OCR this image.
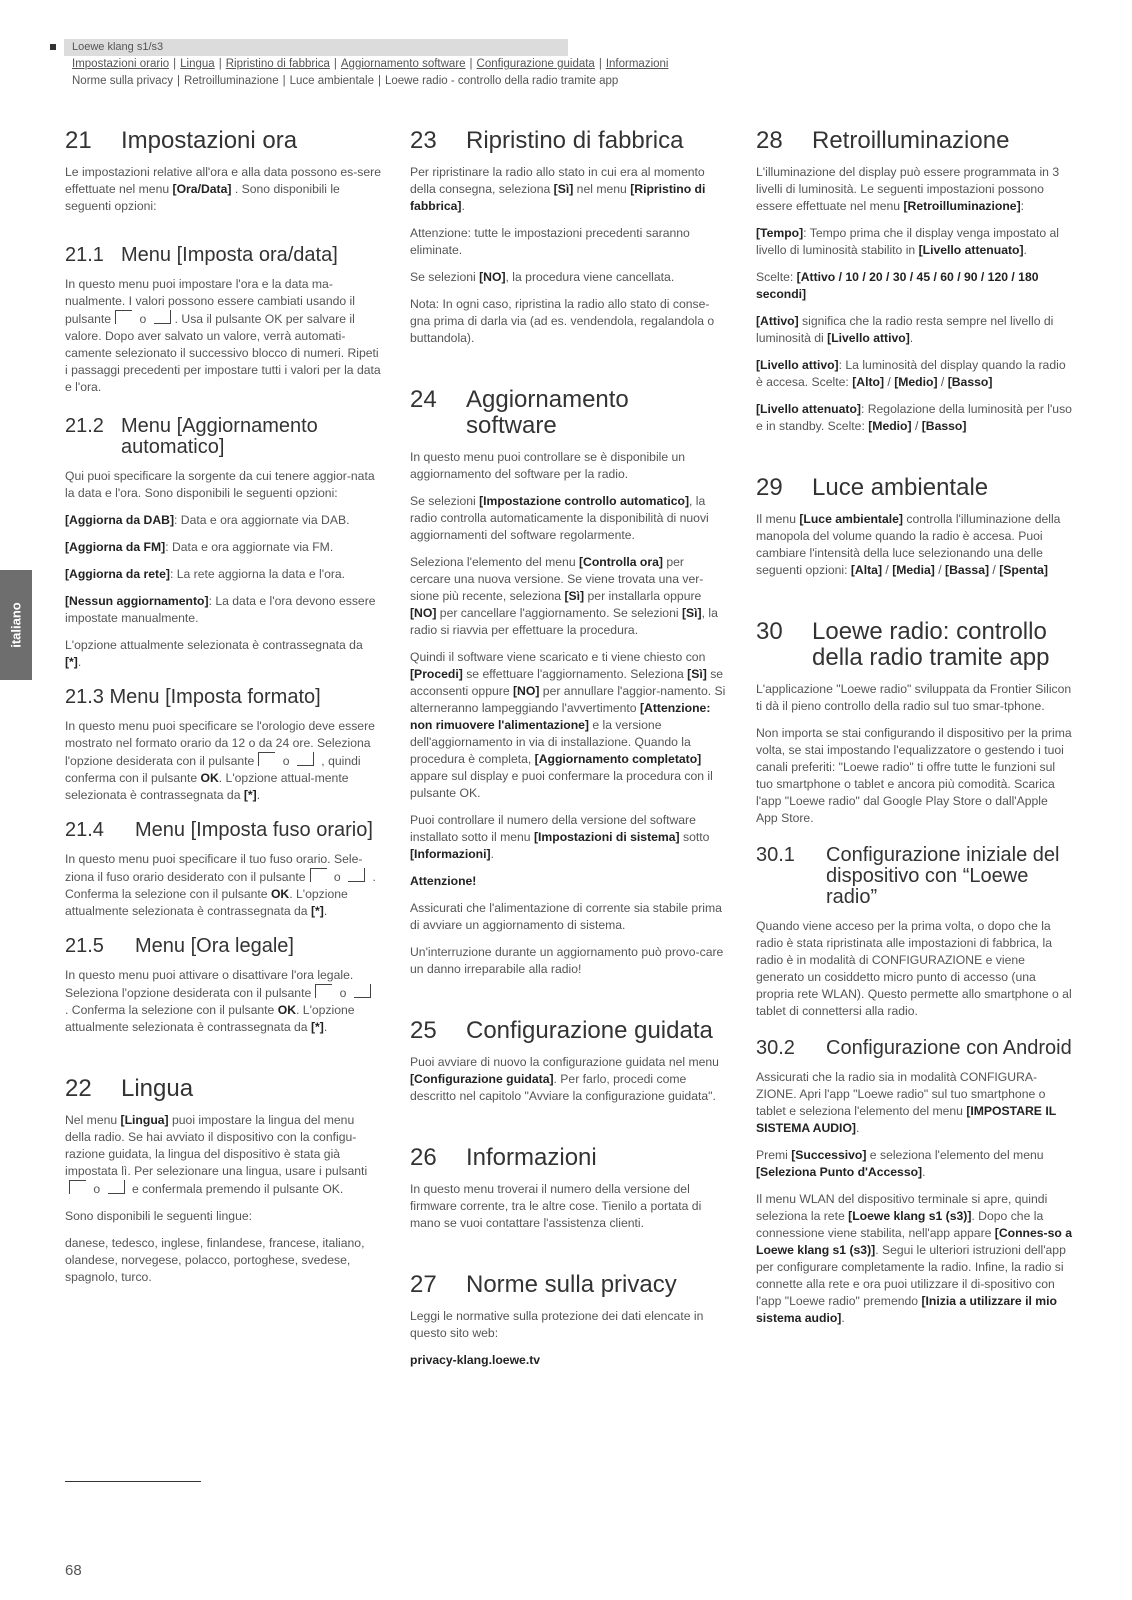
Loewe klang s1/s3
Impostazioni orario | Lingua | Ripristino di fabbrica | Aggiornamento software | Configurazione guidata | Informazioni
Norme sulla privacy | Retroilluminazione | Luce ambientale | Loewe radio - controllo della radio tramite app
italiano
21	Impostazioni ora

Le impostazioni relative all'ora e alla data possono es-sere effettuate nel menu [Ora/Data] . Sono disponibili le seguenti opzioni:

21.1 Menu [Imposta ora/data]

In questo menu puoi impostare l'ora e la data ma-nualmente. I valori possono essere cambiati usando il pulsante o . Usa il pulsante OK per salvare il valore. Dopo aver salvato un valore, verrà automati-camente selezionato il successivo blocco di numeri. Ripeti i passaggi precedenti per impostare tutti i valori per la data e l'ora.

21.2 Menu [Aggiornamento automatico]

Qui puoi specificare la sorgente da cui tenere aggior-nata la data e l'ora. Sono disponibili le seguenti opzioni:

[Aggiorna da DAB]: Data e ora aggiornate via DAB.

[Aggiorna da FM]: Data e ora aggiornate via FM.

[Aggiorna da rete]: La rete aggiorna la data e l'ora.

[Nessun aggiornamento]: La data e l'ora devono essere impostate manualmente.

L'opzione attualmente selezionata è contrassegnata da [*].

21.3 Menu [Imposta formato]

In questo menu puoi specificare se l'orologio deve essere mostrato nel formato orario da 12 o da 24 ore. Seleziona l'opzione desiderata con il pulsante o  , quindi conferma con il pulsante OK. L'opzione attual-mente selezionata è contrassegnata da [*].

21.4	Menu [Imposta fuso orario]

In questo menu puoi specificare il tuo fuso orario. Sele-ziona il fuso orario desiderato con il pulsante o  . Conferma la selezione con il pulsante OK. L'opzione attualmente selezionata è contrassegnata da [*].

21.5	Menu [Ora legale]

In questo menu puoi attivare o disattivare l'ora legale. Seleziona l'opzione desiderata con il pulsante o  . Conferma la selezione con il pulsante OK. L'opzione attualmente selezionata è contrassegnata da [*].

22	Lingua

Nel menu [Lingua] puoi impostare la lingua del menu della radio. Se hai avviato il dispositivo con la configu-razione guidata, la lingua del dispositivo è stata già impostata lì. Per selezionare una lingua, usare i pulsanti o  e confermala premendo il pulsante OK.

Sono disponibili le seguenti lingue:

danese, tedesco, inglese, finlandese, francese, italiano, olandese, norvegese, polacco, portoghese, svedese, spagnolo, turco.

23	Ripristino di fabbrica

Per ripristinare la radio allo stato in cui era al momento della consegna, seleziona [Sì] nel menu [Ripristino di fabbrica].

Attenzione: tutte le impostazioni precedenti saranno eliminate.

Se selezioni [NO], la procedura viene cancellata.

Nota: In ogni caso, ripristina la radio allo stato di conse-gna prima di darla via (ad es. vendendola, regalandola o buttandola).

24	Aggiornamento software

In questo menu puoi controllare se è disponibile un aggiornamento del software per la radio.

Se selezioni [Impostazione controllo automatico], la radio controlla automaticamente la disponibilità di nuovi aggiornamenti del software regolarmente.

Seleziona l'elemento del menu [Controlla ora] per cercare una nuova versione. Se viene trovata una ver-sione più recente, seleziona [Sì] per installarla oppure [NO] per cancellare l'aggiornamento. Se selezioni [Sì], la radio si riavvia per effettuare la procedura.

Quindi il software viene scaricato e ti viene chiesto con [Procedi] se effettuare l'aggiornamento. Seleziona [Sì] se acconsenti oppure [NO] per annullare l'aggior-namento. Si alterneranno lampeggiando l'avvertimento [Attenzione: non rimuovere l'alimentazione] e la versione dell'aggiornamento in via di installazione. Quando la procedura è completa, [Aggiornamento completato] appare sul display e puoi confermare la procedura con il pulsante OK.

Puoi controllare il numero della versione del software installato sotto il menu [Impostazioni di sistema] sotto [Informazioni].

Attenzione!

Assicurati che l'alimentazione di corrente sia stabile prima di avviare un aggiornamento di sistema.

Un'interruzione durante un aggiornamento può provo-care un danno irreparabile alla radio!

25	Configurazione guidata

Puoi avviare di nuovo la configurazione guidata nel menu [Configurazione guidata]. Per farlo, procedi come descritto nel capitolo "Avviare la configurazione guidata".

26	Informazioni

In questo menu troverai il numero della versione del firmware corrente, tra le altre cose. Tienilo a portata di mano se vuoi contattare l'assistenza clienti.

27	Norme sulla privacy

Leggi le normative sulla protezione dei dati elencate in questo sito web:

privacy-klang.loewe.tv

28	Retroilluminazione

L'illuminazione del display può essere programmata in 3 livelli di luminosità. Le seguenti impostazioni possono essere effettuate nel menu [Retroilluminazione]:

[Tempo]: Tempo prima che il display venga impostato al livello di luminosità stabilito in [Livello attenuato].

Scelte: [Attivo / 10 / 20 / 30 / 45 / 60 / 90 / 120 / 180 secondi]

[Attivo] significa che la radio resta sempre nel livello di luminosità di [Livello attivo].

[Livello attivo]: La luminosità del display quando la radio è accesa. Scelte: [Alto] / [Medio] / [Basso]

[Livello attenuato]: Regolazione della luminosità per l'uso e in standby. Scelte: [Medio] / [Basso]

29	Luce ambientale

Il menu [Luce ambientale] controlla l'illuminazione della manopola del volume quando la radio è accesa. Puoi cambiare l'intensità della luce selezionando una delle seguenti opzioni: [Alta] / [Media] / [Bassa] / [Spenta]

30	Loewe radio: controllo della radio tramite app

L'applicazione "Loewe radio" sviluppata da Frontier Silicon ti dà il pieno controllo della radio sul tuo smar-tphone.

Non importa se stai configurando il dispositivo per la prima volta, se stai impostando l'equalizzatore o gestendo i tuoi canali preferiti: "Loewe radio" ti offre tutte le funzioni sul tuo smartphone o tablet e ancora più comodità. Scarica l'app "Loewe radio" dal Google Play Store o dall'Apple App Store.

30.1	Configurazione iniziale del dispositivo con “Loewe radio”

Quando viene acceso per la prima volta, o dopo che la radio è stata ripristinata alle impostazioni di fabbrica, la radio è in modalità di CONFIGURAZIONE e viene generato un cosiddetto micro punto di accesso (una propria rete WLAN). Questo permette allo smartphone o al tablet di connettersi alla radio.

30.2	Configurazione con Android

Assicurati che la radio sia in modalità CONFIGURA-ZIONE. Apri l'app "Loewe radio" sul tuo smartphone o tablet e seleziona l'elemento del menu [IMPOSTARE IL SISTEMA AUDIO].

Premi [Successivo] e seleziona l'elemento del menu [Seleziona Punto d'Accesso].

Il menu WLAN del dispositivo terminale si apre, quindi seleziona la rete [Loewe klang s1 (s3)]. Dopo che la connessione viene stabilita, nell'app appare [Connes-so a Loewe klang s1 (s3)]. Segui le ulteriori istruzioni dell'app per configurare completamente la radio. Infine, la radio si connette alla rete e ora puoi utilizzare il di-spositivo con l'app "Loewe radio" premendo [Inizia a utilizzare il mio sistema audio].

68
